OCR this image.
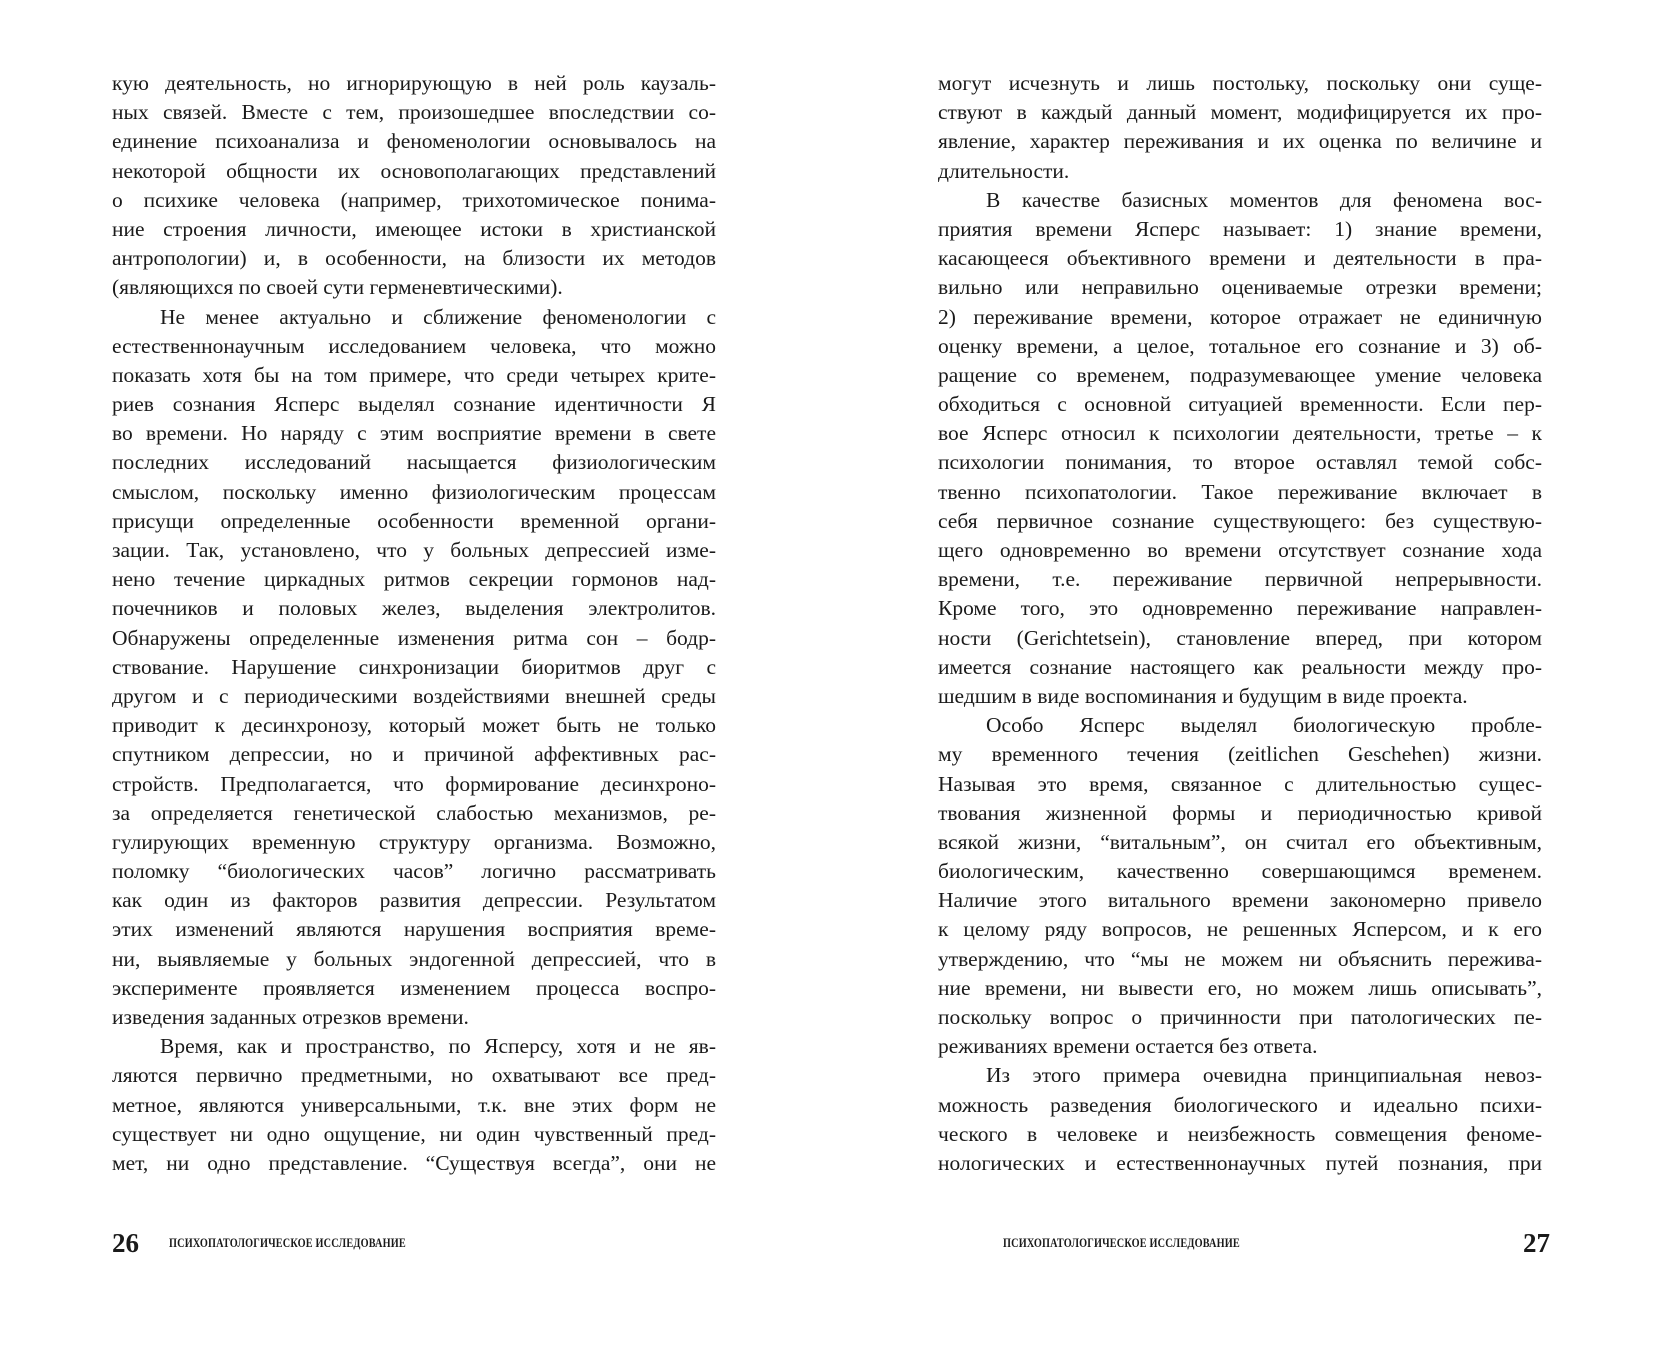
кую деятельность, но игнорирующую в ней роль каузаль-
ных связей. Вместе с тем, произошедшее впоследствии со-
единение психоанализа и феноменологии основывалось на
некоторой общности их основополагающих представлений
о психике человека (например, трихотомическое понима-
ние строения личности, имеющее истоки в христианской
антропологии) и, в особенности, на близости их методов
(являющихся по своей сути герменевтическими).
Не менее актуально и сближение феноменологии с
естественнонаучным исследованием человека, что можно
показать хотя бы на том примере, что среди четырех крите-
риев сознания Ясперс выделял сознание идентичности Я
во времени. Но наряду с этим восприятие времени в свете
последних исследований насыщается физиологическим
смыслом, поскольку именно физиологическим процессам
присущи определенные особенности временной органи-
зации. Так, установлено, что у больных депрессией изме-
нено течение циркадных ритмов секреции гормонов над-
почечников и половых желез, выделения электролитов.
Обнаружены определенные изменения ритма сон – бодр-
ствование. Нарушение синхронизации биоритмов друг с
другом и с периодическими воздействиями внешней среды
приводит к десинхронозу, который может быть не только
спутником депрессии, но и причиной аффективных рас-
стройств. Предполагается, что формирование десинхроно-
за определяется генетической слабостью механизмов, ре-
гулирующих временную структуру организма. Возможно,
поломку “биологических часов” логично рассматривать
как один из факторов развития депрессии. Результатом
этих изменений являются нарушения восприятия време-
ни, выявляемые у больных эндогенной депрессией, что в
эксперименте проявляется изменением процесса воспро-
изведения заданных отрезков времени.
Время, как и пространство, по Ясперсу, хотя и не яв-
ляются первично предметными, но охватывают все пред-
метное, являются универсальными, т.к. вне этих форм не
существует ни одно ощущение, ни один чувственный пред-
мет, ни одно представление. “Существуя всегда”, они не
могут исчезнуть и лишь постольку, поскольку они суще-
ствуют в каждый данный момент, модифицируется их про-
явление, характер переживания и их оценка по величине и
длительности.
В качестве базисных моментов для феномена вос-
приятия времени Ясперс называет: 1) знание времени,
касающееся объективного времени и деятельности в пра-
вильно или неправильно оцениваемые отрезки времени;
2) переживание времени, которое отражает не единичную
оценку времени, а целое, тотальное его сознание и 3) об-
ращение со временем, подразумевающее умение человека
обходиться с основной ситуацией временности. Если пер-
вое Ясперс относил к психологии деятельности, третье – к
психологии понимания, то второе оставлял темой собс-
твенно психопатологии. Такое переживание включает в
себя первичное сознание существующего: без существую-
щего одновременно во времени отсутствует сознание хода
времени, т.е. переживание первичной непрерывности.
Кроме того, это одновременно переживание направлен-
ности (Gerichtetsein), становление вперед, при котором
имеется сознание настоящего как реальности между про-
шедшим в виде воспоминания и будущим в виде проекта.
Особо Ясперс выделял биологическую пробле-
му временного течения (zeitlichen Geschehen) жизни.
Называя это время, связанное с длительностью сущес-
твования жизненной формы и периодичностью кривой
всякой жизни, “витальным”, он считал его объективным,
биологическим, качественно совершающимся временем.
Наличие этого витального времени закономерно привело
к целому ряду вопросов, не решенных Ясперсом, и к его
утверждению, что “мы не можем ни объяснить пережива-
ние времени, ни вывести его, но можем лишь описывать”,
поскольку вопрос о причинности при патологических пе-
реживаниях времени остается без ответа.
Из этого примера очевидна принципиальная невоз-
можность разведения биологического и идеально психи-
ческого в человеке и неизбежность совмещения феноме-
нологических и естественнонаучных путей познания, при
26 ПСИХОПАТОЛОГИЧЕСКОЕ ИССЛЕДОВАНИЕ	ПСИХОПАТОЛОГИЧЕСКОЕ ИССЛЕДОВАНИЕ	27
